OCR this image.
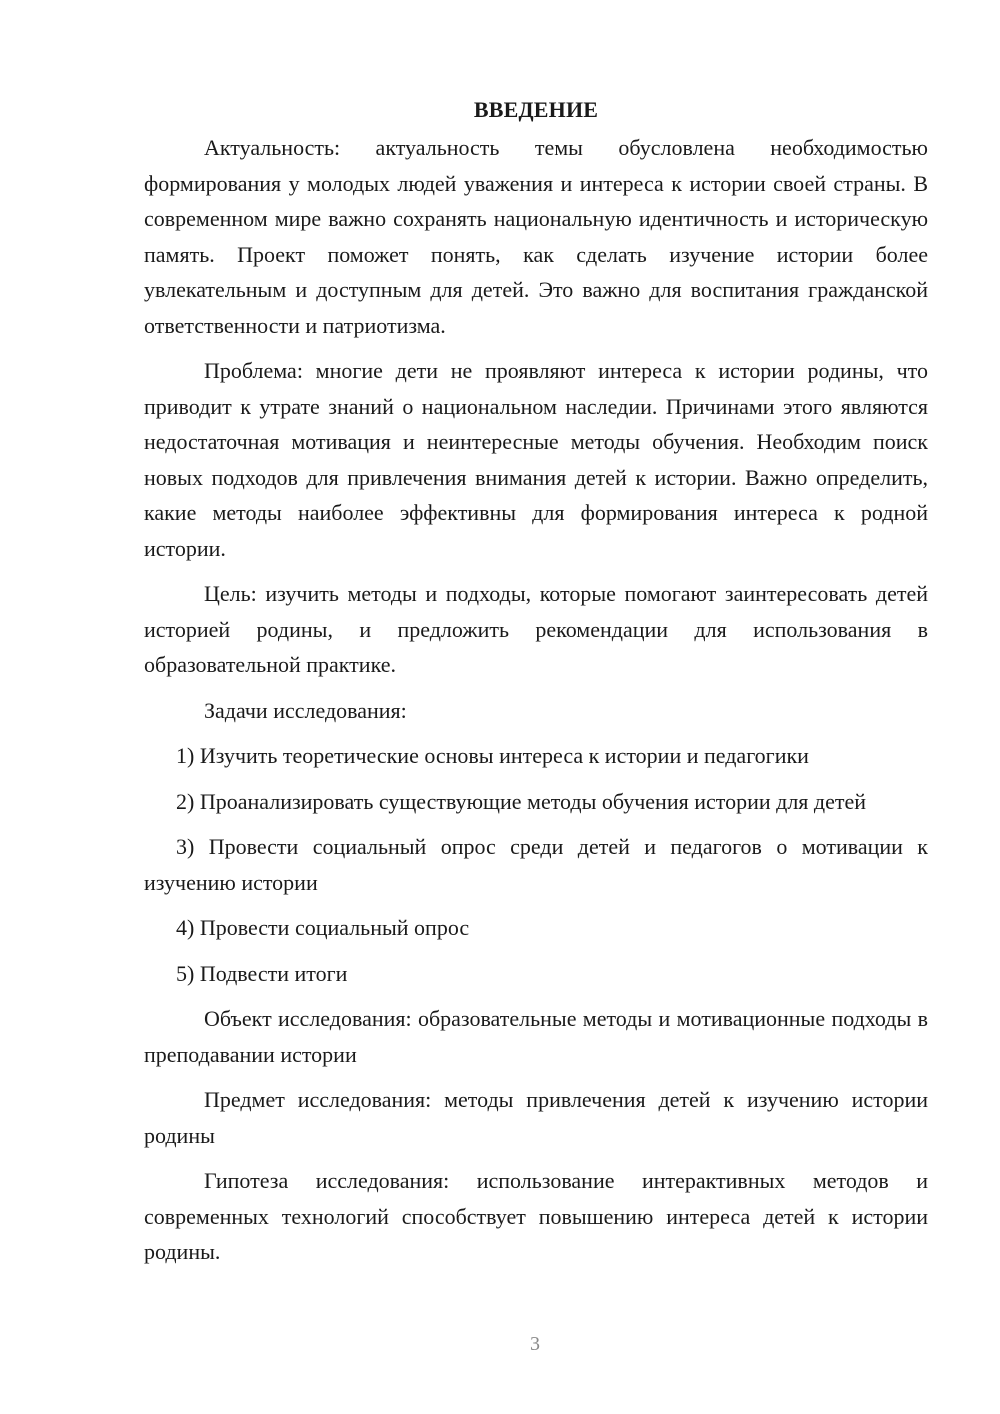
ВВЕДЕНИЕ

Актуальность: актуальность темы обусловлена необходимостью формирования у молодых людей уважения и интереса к истории своей страны. В современном мире важно сохранять национальную идентичность и историческую память. Проект поможет понять, как сделать изучение истории более увлекательным и доступным для детей. Это важно для воспитания гражданской ответственности и патриотизма.

Проблема: многие дети не проявляют интереса к истории родины, что приводит к утрате знаний о национальном наследии. Причинами этого являются недостаточная мотивация и неинтересные методы обучения. Необходим поиск новых подходов для привлечения внимания детей к истории. Важно определить, какие методы наиболее эффективны для формирования интереса к родной истории.

Цель: изучить методы и подходы, которые помогают заинтересовать детей историей родины, и предложить рекомендации для использования в образовательной практике.

Задачи исследования:

1) Изучить теоретические основы интереса к истории и педагогики

2) Проанализировать существующие методы обучения истории для детей

3) Провести социальный опрос среди детей и педагогов о мотивации к изучению истории

4) Провести социальный опрос

5) Подвести итоги

Объект исследования: образовательные методы и мотивационные подходы в преподавании истории

Предмет исследования: методы привлечения детей к изучению истории родины

Гипотеза исследования: использование интерактивных методов и современных технологий способствует повышению интереса детей к истории родины.

3
